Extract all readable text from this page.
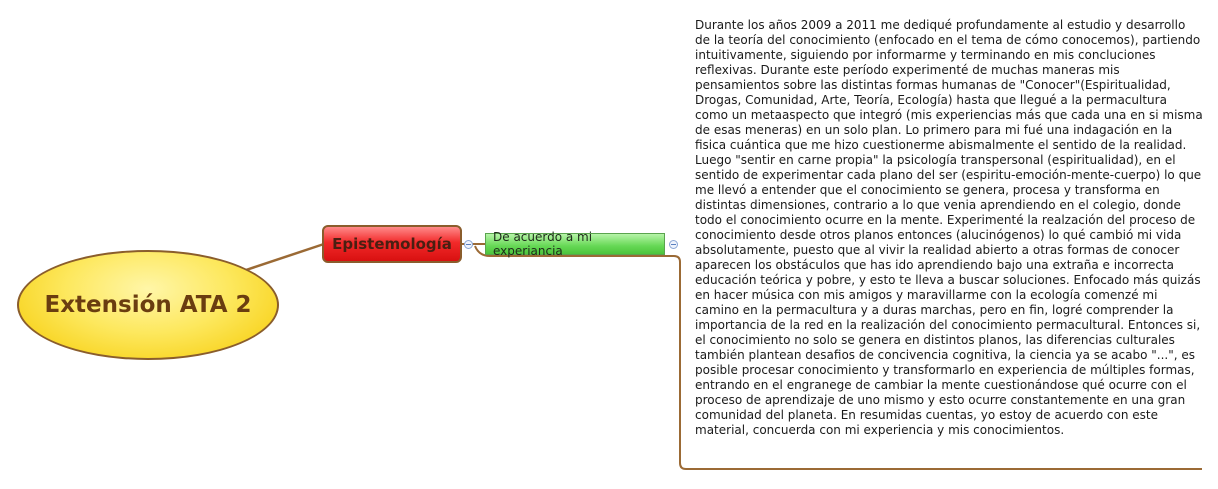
Extensión ATA 2
Epistemología	De acuerdo a mi experiancia

Durante los años 2009 a 2011 me dediqué profundamente al estudio y desarrollo de la teoría del conocimiento (enfocado en el tema de cómo conocemos), partiendo intuitivamente, siguiendo por informarme y terminando en mis concluciones reflexivas. Durante este período experimenté de muchas maneras mis pensamientos sobre las distintas formas humanas de "Conocer"(Espiritualidad, Drogas, Comunidad, Arte, Teoría, Ecología) hasta que llegué a la permacultura como un metaaspecto que integró (mis experiencias más que cada una en si misma de esas meneras) en un solo plan. Lo primero para mi fué una indagación en la fisica cuántica que me hizo cuestionerme abismalmente el sentido de la realidad. Luego "sentir en carne propia" la psicología transpersonal (espiritualidad), en el sentido de experimentar cada plano del ser (espiritu-emoción-mente-cuerpo) lo que me llevó a entender que el conocimiento se genera, procesa y transforma en distintas dimensiones, contrario a lo que venia aprendiendo en el colegio, donde todo el conocimiento ocurre en la mente. Experimenté la realzación del proceso de conocimiento desde otros planos entonces (alucinógenos) lo qué cambió mi vida absolutamente, puesto que al vivir la realidad abierto a otras formas de conocer aparecen los obstáculos que has ido aprendiendo bajo una extraña e incorrecta educación teórica y pobre, y esto te lleva a buscar soluciones. Enfocado más quizás en hacer música con mis amigos y maravillarme con la ecología comenzé mi camino en la permacultura y a duras marchas, pero en fin, logré comprender la importancia de la red en la realización del conocimiento permacultural. Entonces si, el conocimiento no solo se genera en distintos planos, las diferencias culturales también plantean desafios de concivencia cognitiva, la ciencia ya se acabo "...", es posible procesar conocimiento y transformarlo en experiencia de múltiples formas, entrando en el engranege de cambiar la mente cuestionándose qué ocurre con el proceso de aprendizaje de uno mismo y esto ocurre constantemente en una gran comunidad del planeta. En resumidas cuentas, yo estoy de acuerdo con este material, concuerda con mi experiencia y mis conocimientos.
